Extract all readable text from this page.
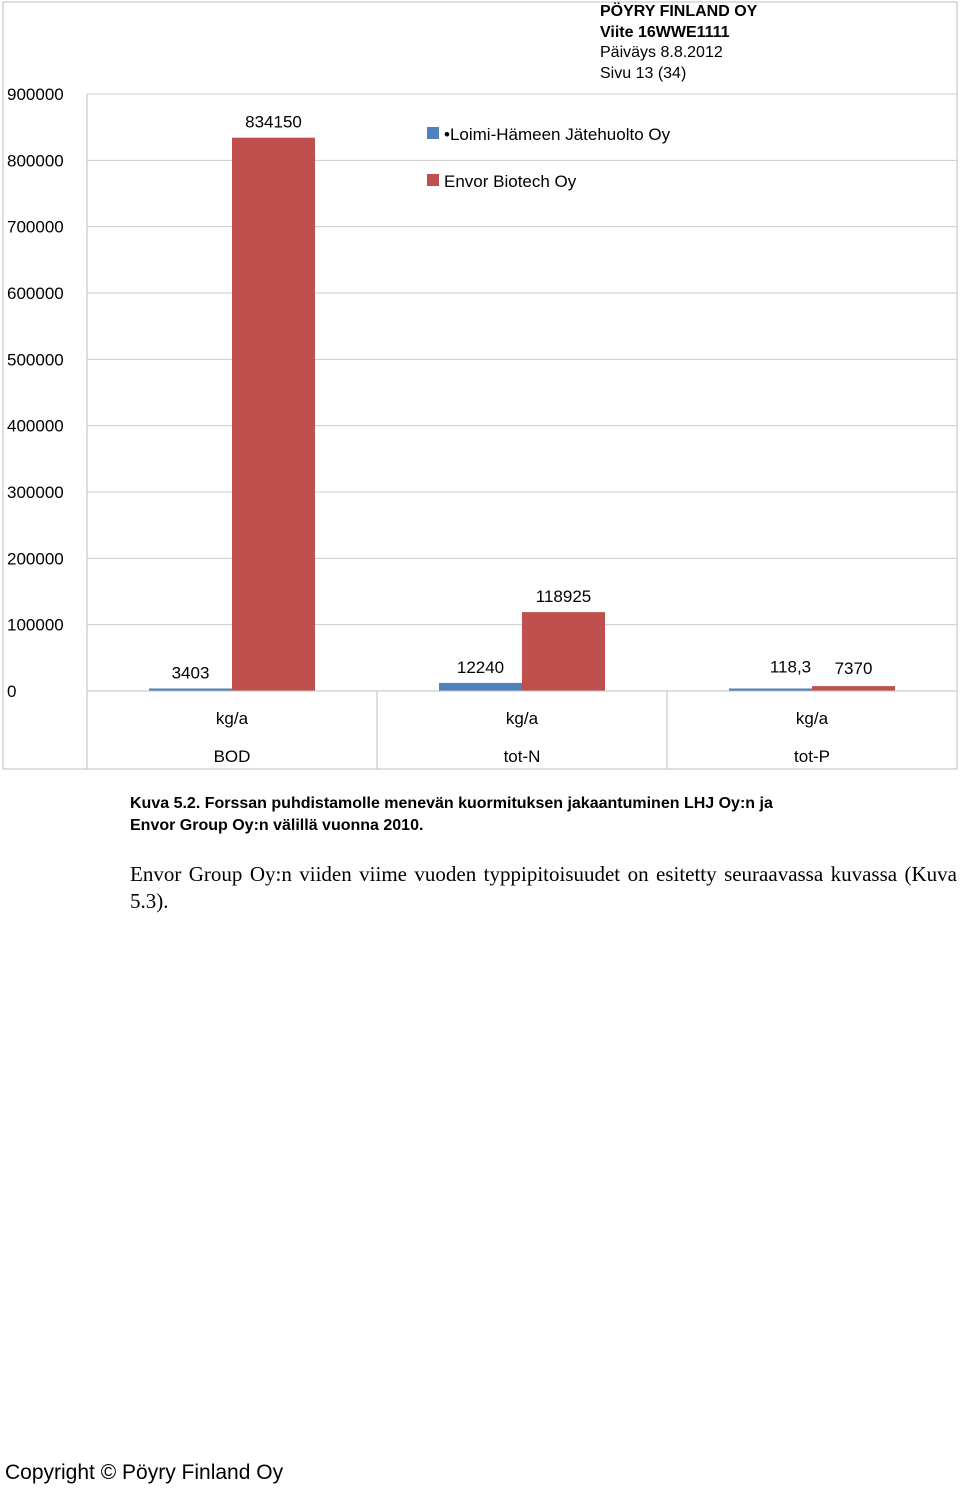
0
100000
200000
300000
400000
500000
600000
700000
800000
900000
3403
834150
12240
118925
118,3 7370
kg/a
BOD
kg/a
tot-N
kg/a
tot-P
•Loimi-Hämeen Jätehuolto Oy
Envor Biotech Oy
PÖYRY FINLAND OY
Viite 16WWE1111
Päiväys 8.8.2012
Sivu 13 (34)
Kuva 5.2. Forssan puhdistamolle menevän kuormituksen jakaantuminen LHJ Oy:n ja
Envor Group Oy:n välillä vuonna 2010.
Envor Group Oy:n viiden viime vuoden typpipitoisuudet on esitetty seuraavassa kuvassa (Kuva 5.3).
Copyright © Pöyry Finland Oy
